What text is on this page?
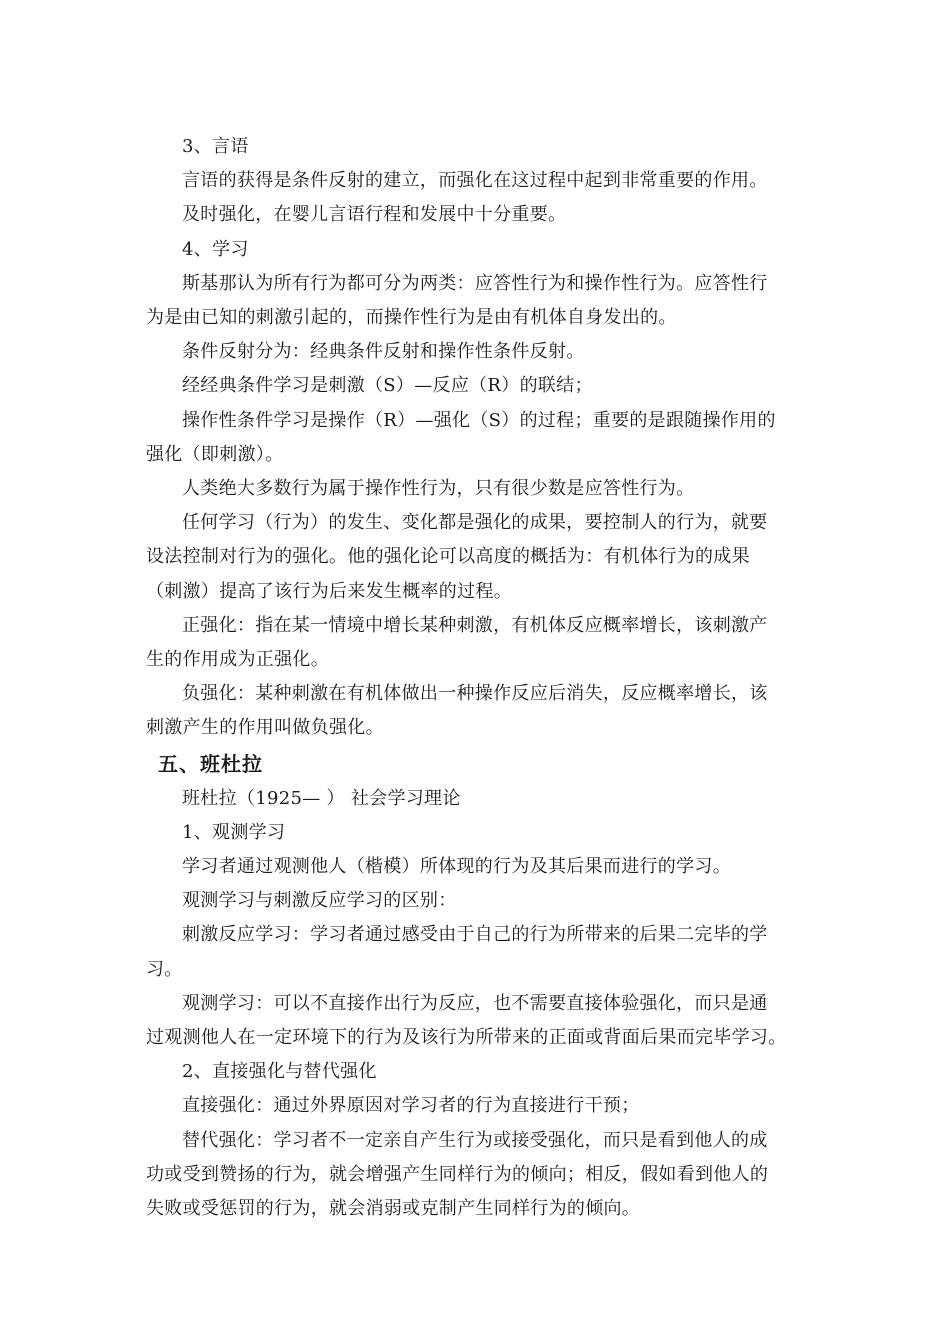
3、言语

言语的获得是条件反射的建立，而强化在这过程中起到非常重要的作用。

及时强化，在婴儿言语行程和发展中十分重要。

4、学习

斯基那认为所有行为都可分为两类：应答性行为和操作性行为。应答性行

为是由已知的刺激引起的，而操作性行为是由有机体自身发出的。

条件反射分为：经典条件反射和操作性条件反射。

经经典条件学习是刺激（S）—反应（R）的联结；

操作性条件学习是操作（R）—强化（S）的过程；重要的是跟随操作用的

强化（即刺激）。

人类绝大多数行为属于操作性行为，只有很少数是应答性行为。

任何学习（行为）的发生、变化都是强化的成果，要控制人的行为，就要

设法控制对行为的强化。他的强化论可以高度的概括为：有机体行为的成果

（刺激）提高了该行为后来发生概率的过程。

正强化：指在某一情境中增长某种刺激，有机体反应概率增长，该刺激产

生的作用成为正强化。

负强化：某种刺激在有机体做出一种操作反应后消失，反应概率增长，该

刺激产生的作用叫做负强化。

五、班杜拉

班杜拉（1925— ） 社会学习理论

1、观测学习

学习者通过观测他人（楷模）所体现的行为及其后果而进行的学习。

观测学习与刺激反应学习的区别：

刺激反应学习：学习者通过感受由于自己的行为所带来的后果二完毕的学

习。

观测学习：可以不直接作出行为反应，也不需要直接体验强化，而只是通

过观测他人在一定环境下的行为及该行为所带来的正面或背面后果而完毕学习。

2、直接强化与替代强化

直接强化：通过外界原因对学习者的行为直接进行干预；

替代强化：学习者不一定亲自产生行为或接受强化，而只是看到他人的成

功或受到赞扬的行为，就会增强产生同样行为的倾向；相反，假如看到他人的

失败或受惩罚的行为，就会消弱或克制产生同样行为的倾向。
